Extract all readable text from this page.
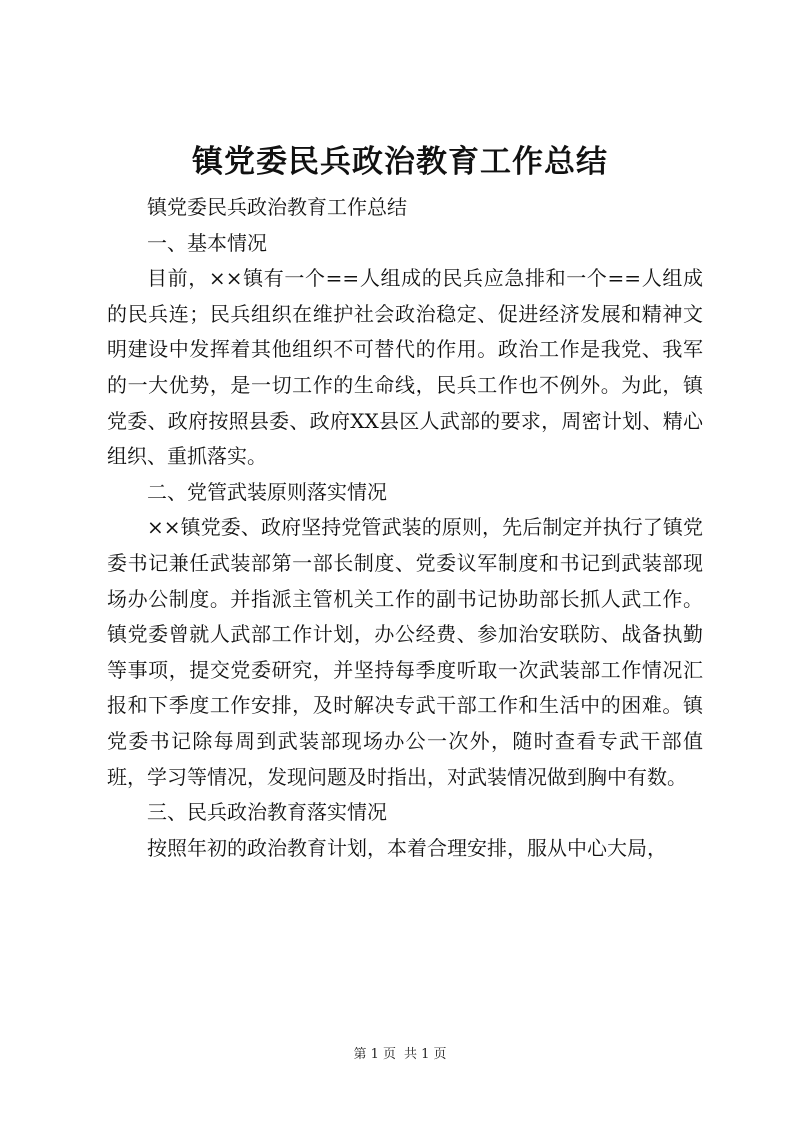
镇党委民兵政治教育工作总结

镇党委民兵政治教育工作总结

一、基本情况

目前，××镇有一个==人组成的民兵应急排和一个==人组成的民兵连；民兵组织在维护社会政治稳定、促进经济发展和精神文明建设中发挥着其他组织不可替代的作用。政治工作是我党、我军的一大优势，是一切工作的生命线，民兵工作也不例外。为此，镇党委、政府按照县委、政府XX县区人武部的要求，周密计划、精心组织、重抓落实。

二、党管武装原则落实情况

××镇党委、政府坚持党管武装的原则，先后制定并执行了镇党委书记兼任武装部第一部长制度、党委议军制度和书记到武装部现场办公制度。并指派主管机关工作的副书记协助部长抓人武工作。镇党委曾就人武部工作计划，办公经费、参加治安联防、战备执勤等事项，提交党委研究，并坚持每季度听取一次武装部工作情况汇报和下季度工作安排，及时解决专武干部工作和生活中的困难。镇党委书记除每周到武装部现场办公一次外，随时查看专武干部值班，学习等情况，发现问题及时指出，对武装情况做到胸中有数。

三、民兵政治教育落实情况

按照年初的政治教育计划，本着合理安排，服从中心大局，

第 1 页 共 1 页
